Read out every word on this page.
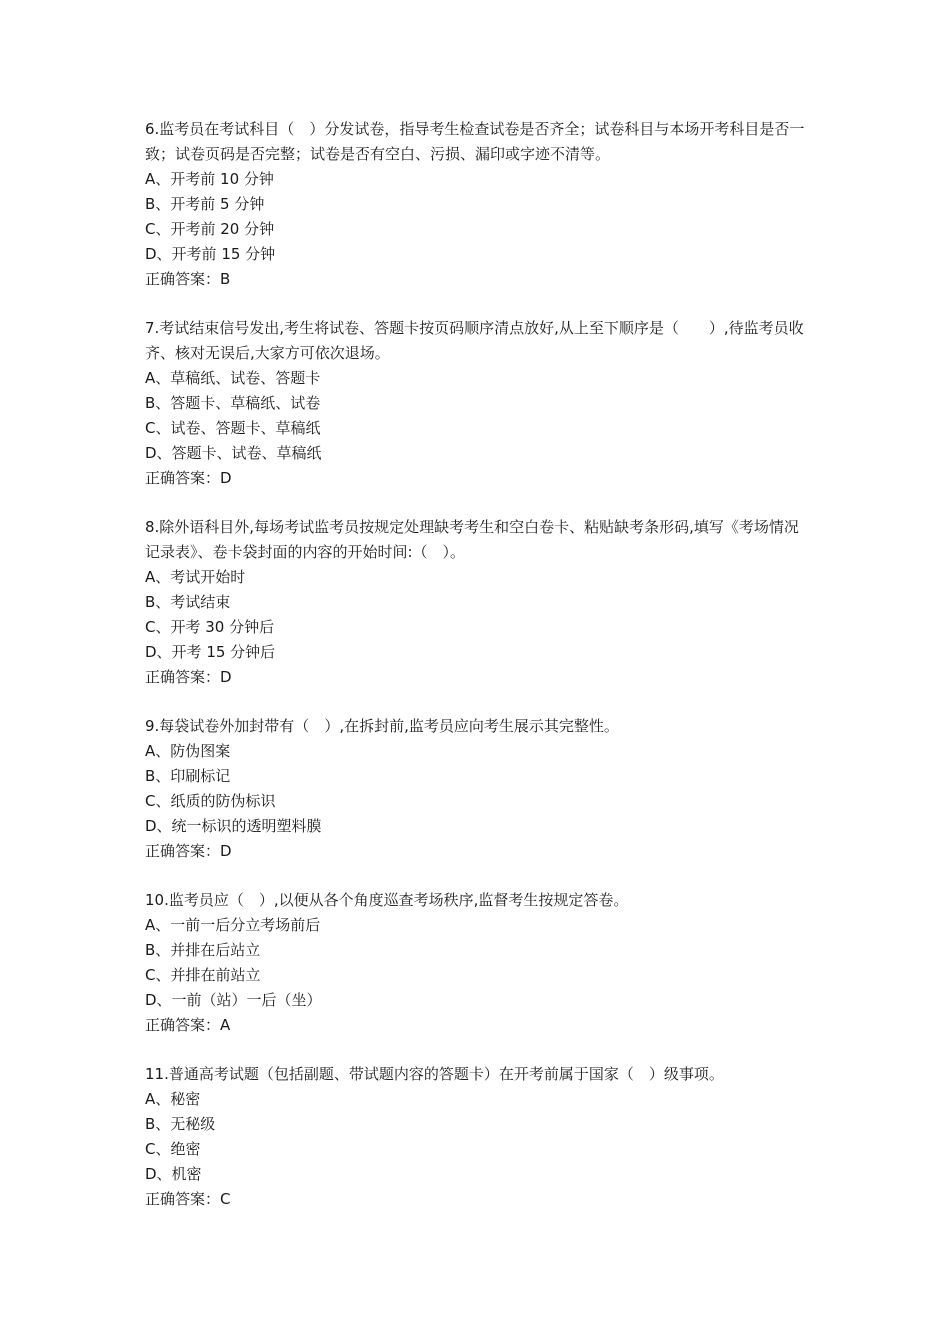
6.监考员在考试科目（　）分发试卷，指导考生检查试卷是否齐全；试卷科目与本场开考科目是否一致；试卷页码是否完整；试卷是否有空白、污损、漏印或字迹不清等。
A、开考前 10 分钟
B、开考前 5 分钟
C、开考前 20 分钟
D、开考前 15 分钟
正确答案：B
7.考试结束信号发出,考生将试卷、答题卡按页码顺序清点放好,从上至下顺序是（　　）,待监考员收齐、核对无误后,大家方可依次退场。
A、草稿纸、试卷、答题卡
B、答题卡、草稿纸、试卷
C、试卷、答题卡、草稿纸
D、答题卡、试卷、草稿纸
正确答案：D
8.除外语科目外,每场考试监考员按规定处理缺考考生和空白卷卡、粘贴缺考条形码,填写《考场情况记录表》、卷卡袋封面的内容的开始时间:（　）。
A、考试开始时
B、考试结束
C、开考 30 分钟后
D、开考 15 分钟后
正确答案：D
9.每袋试卷外加封带有（　）,在拆封前,监考员应向考生展示其完整性。
A、防伪图案
B、印刷标记
C、纸质的防伪标识
D、统一标识的透明塑料膜
正确答案：D
10.监考员应（　）,以便从各个角度巡查考场秩序,监督考生按规定答卷。
A、一前一后分立考场前后
B、并排在后站立
C、并排在前站立
D、一前（站）一后（坐）
正确答案：A
11.普通高考试题（包括副题、带试题内容的答题卡）在开考前属于国家（　）级事项。
A、秘密
B、无秘级
C、绝密
D、机密
正确答案：C
